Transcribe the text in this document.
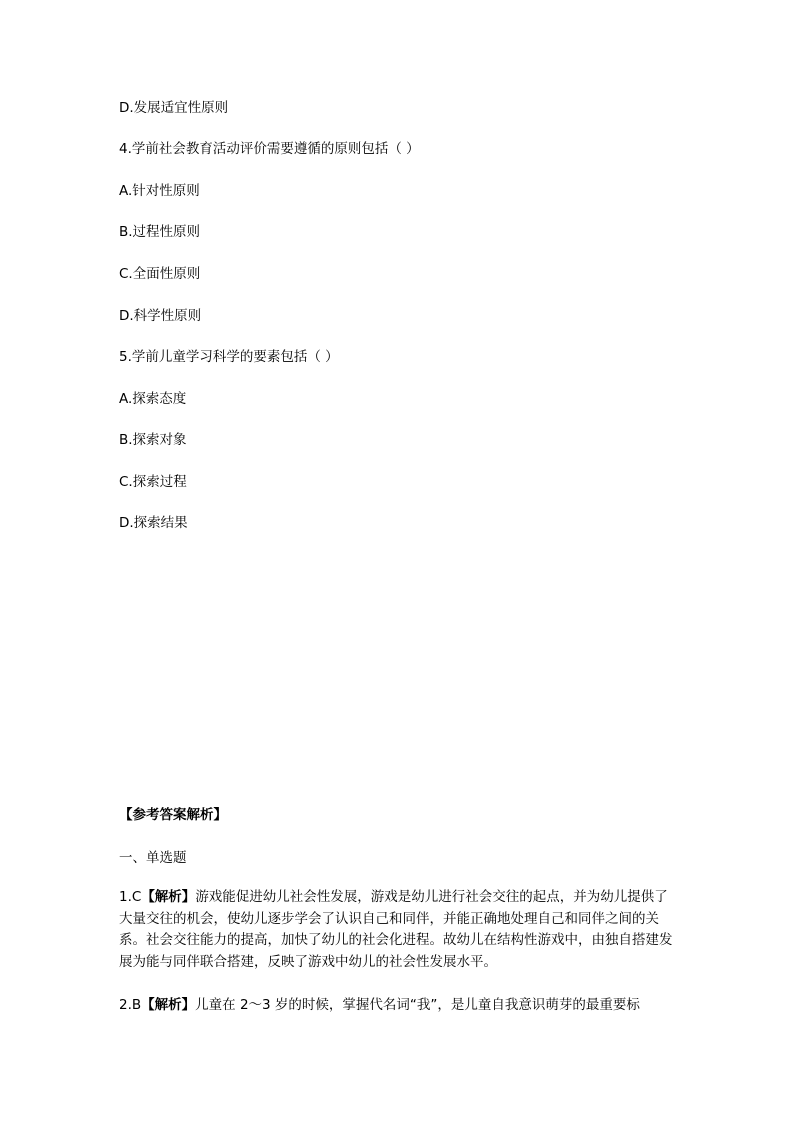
D.发展适宜性原则
4.学前社会教育活动评价需要遵循的原则包括（ ）
A.针对性原则
B.过程性原则
C.全面性原则
D.科学性原则
5.学前儿童学习科学的要素包括（ ）
A.探索态度
B.探索对象
C.探索过程
D.探索结果
【参考答案解析】
一、单选题
1.C【解析】游戏能促进幼儿社会性发展，游戏是幼儿进行社会交往的起点，并为幼儿提供了大量交往的机会，使幼儿逐步学会了认识自己和同伴，并能正确地处理自己和同伴之间的关系。社会交往能力的提高，加快了幼儿的社会化进程。故幼儿在结构性游戏中，由独自搭建发展为能与同伴联合搭建，反映了游戏中幼儿的社会性发展水平。
2.B【解析】儿童在 2～3 岁的时候，掌握代名词“我”，是儿童自我意识萌芽的最重要标
